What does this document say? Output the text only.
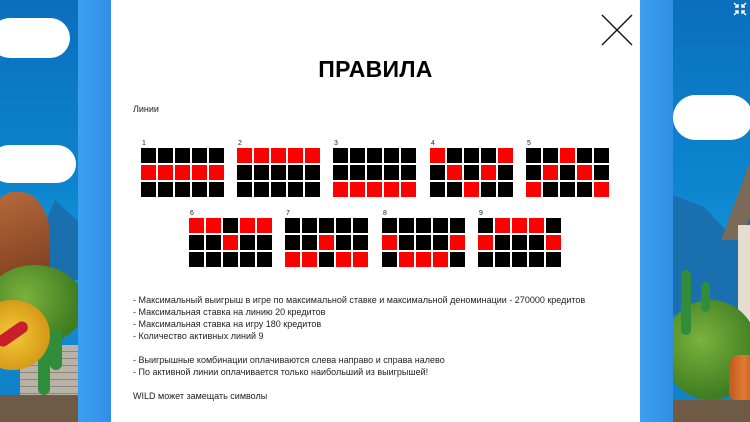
ПРАВИЛА
Линии
1	2	3	4	5
6	7	8	9

- Максимальный выигрыш в игре по максимальной ставке и максимальной деноминации - 270000 кредитов

- Максимальная ставка на линию 20 кредитов

- Максимальная ставка на игру 180 кредитов

- Количество активных линий 9

- Выигрышные комбинации оплачиваются слева направо и справа налево

- По активной линии оплачивается только наибольший из выигрышей!

WILD может замещать символы
